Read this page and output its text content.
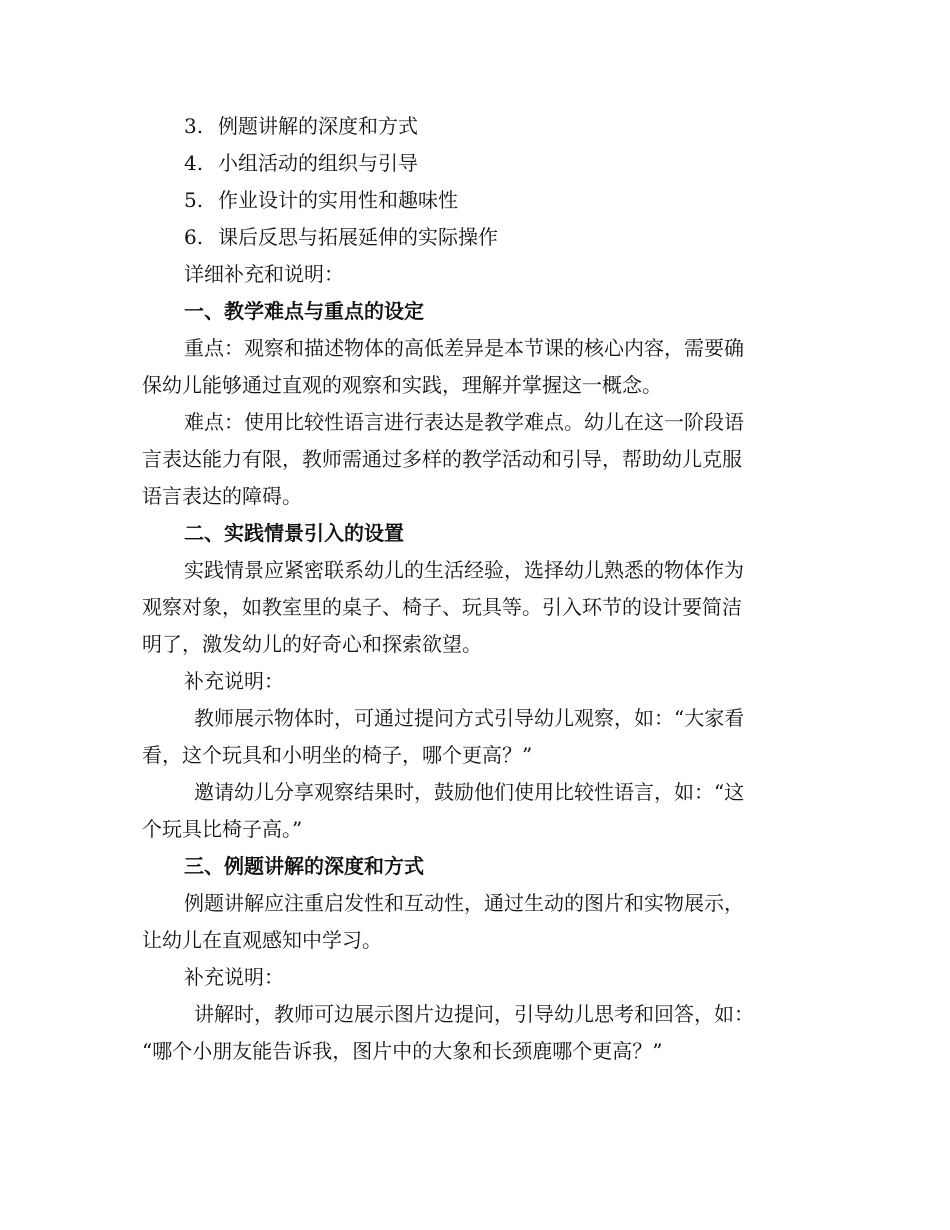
3. 例题讲解的深度和方式
4. 小组活动的组织与引导
5. 作业设计的实用性和趣味性
6. 课后反思与拓展延伸的实际操作
详细补充和说明：
一、教学难点与重点的设定
重点：观察和描述物体的高低差异是本节课的核心内容，需要确
保幼儿能够通过直观的观察和实践，理解并掌握这一概念。
难点：使用比较性语言进行表达是教学难点。幼儿在这一阶段语
言表达能力有限，教师需通过多样的教学活动和引导，帮助幼儿克服
语言表达的障碍。
二、实践情景引入的设置
实践情景应紧密联系幼儿的生活经验，选择幼儿熟悉的物体作为
观察对象，如教室里的桌子、椅子、玩具等。引入环节的设计要简洁
明了，激发幼儿的好奇心和探索欲望。
补充说明：
教师展示物体时，可通过提问方式引导幼儿观察，如：“大家看
看，这个玩具和小明坐的椅子，哪个更高？”
邀请幼儿分享观察结果时，鼓励他们使用比较性语言，如：“这
个玩具比椅子高。”
三、例题讲解的深度和方式
例题讲解应注重启发性和互动性，通过生动的图片和实物展示，
让幼儿在直观感知中学习。
补充说明：
讲解时，教师可边展示图片边提问，引导幼儿思考和回答，如：
“哪个小朋友能告诉我，图片中的大象和长颈鹿哪个更高？”
